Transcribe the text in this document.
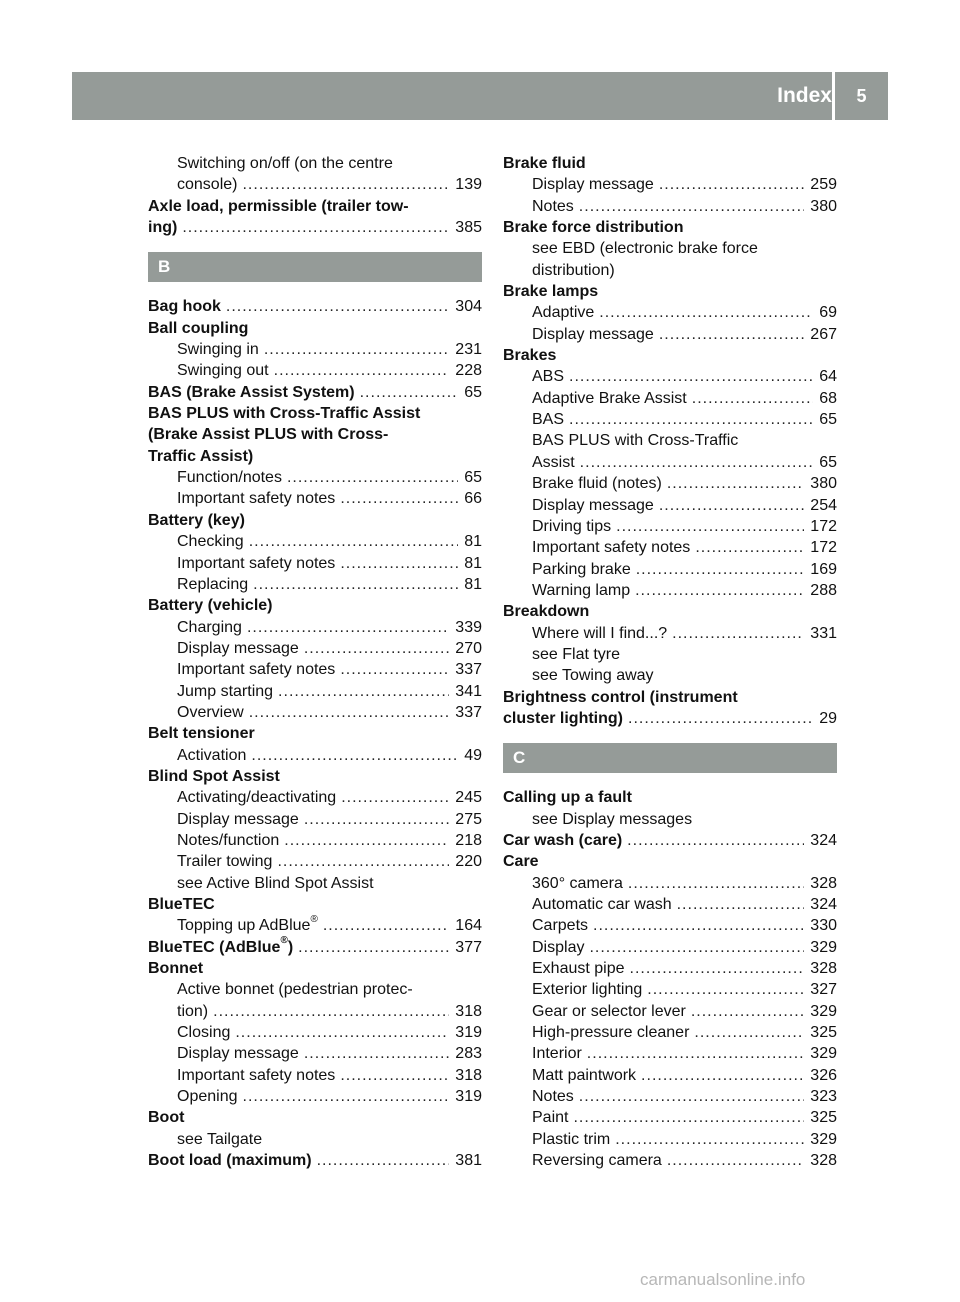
Index	5
Switching on/off (on the centre
console) .....	139
Axle load, permissible (trailer tow-
ing) .....	385
B
Bag hook .....	304
Ball coupling
Swinging in .....	231
Swinging out .....	228
BAS (Brake Assist System) .....	65
BAS PLUS with Cross-Traffic Assist
(Brake Assist PLUS with Cross-
Traffic Assist)
Function/notes .....	65
Important safety notes .....	66
Battery (key)
Checking .....	81
Important safety notes .....	81
Replacing .....	81
Battery (vehicle)
Charging .....	339
Display message .....	270
Important safety notes .....	337
Jump starting .....	341
Overview .....	337
Belt tensioner
Activation .....	49
Blind Spot Assist
Activating/deactivating .....	245
Display message .....	275
Notes/function .....	218
Trailer towing .....	220
see Active Blind Spot Assist
BlueTEC
Topping up AdBlue® .....	164
BlueTEC (AdBlue®) .....	377
Bonnet
Active bonnet (pedestrian protec-
tion) .....	318
Closing .....	319
Display message .....	283
Important safety notes .....	318
Opening .....	319
Boot
see Tailgate
Boot load (maximum) .....	381
Brake fluid
Display message .....	259
Notes .....	380
Brake force distribution
see EBD (electronic brake force
distribution)
Brake lamps
Adaptive .....	69
Display message .....	267
Brakes
ABS .....	64
Adaptive Brake Assist .....	68
BAS .....	65
BAS PLUS with Cross-Traffic
Assist .....	65
Brake fluid (notes) .....	380
Display message .....	254
Driving tips .....	172
Important safety notes .....	172
Parking brake .....	169
Warning lamp .....	288
Breakdown
Where will I find...? .....	331
see Flat tyre
see Towing away
Brightness control (instrument
cluster lighting) .....	29
C
Calling up a fault
see Display messages
Car wash (care) .....	324
Care
360° camera .....	328
Automatic car wash .....	324
Carpets .....	330
Display .....	329
Exhaust pipe .....	328
Exterior lighting .....	327
Gear or selector lever .....	329
High-pressure cleaner .....	325
Interior .....	329
Matt paintwork .....	326
Notes .....	323
Paint .....	325
Plastic trim .....	329
Reversing camera .....	328
carmanualsonline.info
